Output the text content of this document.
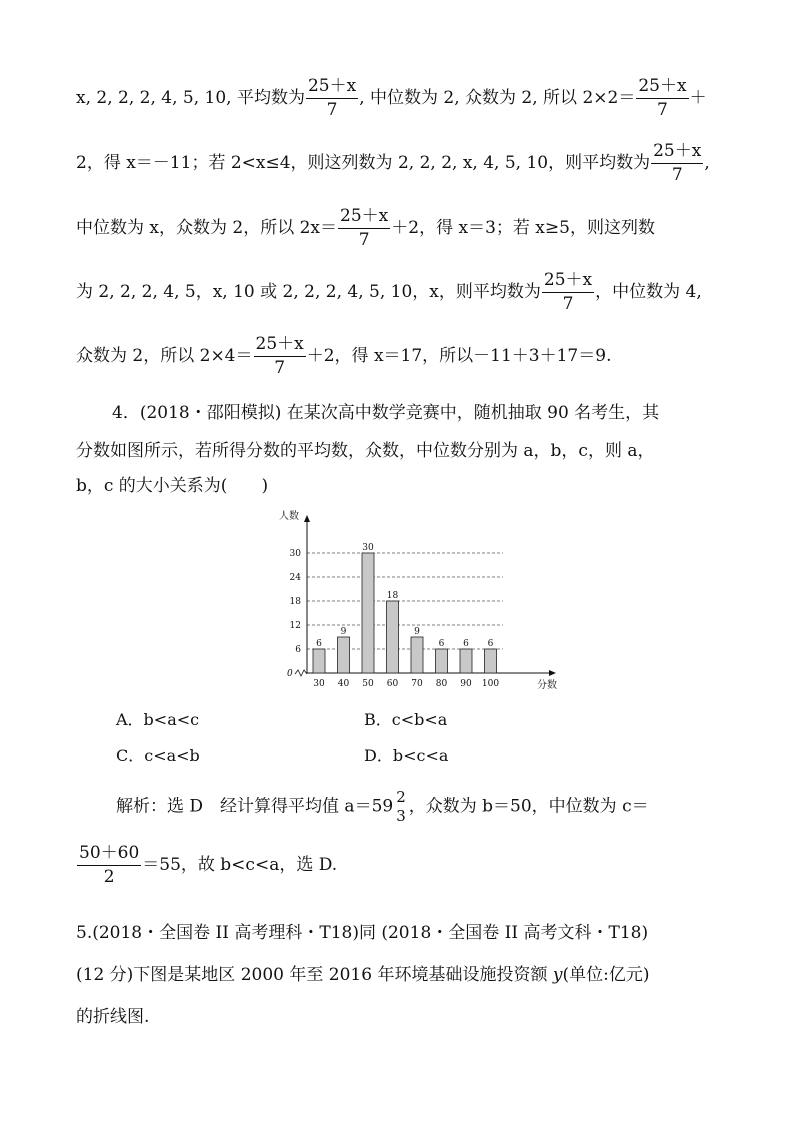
x, 2, 2, 2, 4, 5, 10, 平均数为 $\frac{25+x}{7}$ , 中位数为 2, 众数为 2, 所以 $2\times 2= \frac{25+x}{7}$ ＋
2，得 x＝－11；若 2<x≤4，则这列数为 2, 2, 2, x, 4, 5, 10，则平均数为 $\frac{25+x}{7}$ ,
中位数为 x，众数为 2，所以 $2x= \frac{25+x}{7} +2$，得 x＝3；若 x≥5，则这列数
为 2, 2, 2, 4, 5，x, 10 或 2, 2, 2, 4, 5, 10，x，则平均数为 $\frac{25+x}{7}$ ，中位数为 4,
众数为 2，所以 $2\times 4= \frac{25+x}{7} +2$，得 x＝17，所以－11＋3＋17＝9.
4．(2018・邵阳模拟) 在某次高中数学竞赛中，随机抽取 90 名考生，其
分数如图所示，若所得分数的平均数，众数，中位数分别为 a，b，c，则 a，
b，c 的大小关系为(　　)
6
12
18
24
30
0
人数
分数
6
30
9
40
30
50
18
60
9
70
6
80
6
90
6
100
A．b<a<c	B．c<b<a
C．c<a<b	D．b<c<a
解析：选 D　经计算得平均值 a＝59 2
3 ，众数为 b＝50，中位数为 c＝
$\frac{50+60}{2} =55$，故 b<c<a，选 D.
5.(2018・全国卷 II 高考理科・T18)同 (2018・全国卷 II 高考文科・T18)
(12 分)下图是某地区 2000 年至 2016 年环境基础设施投资额 y(单位:亿元)
的折线图.
